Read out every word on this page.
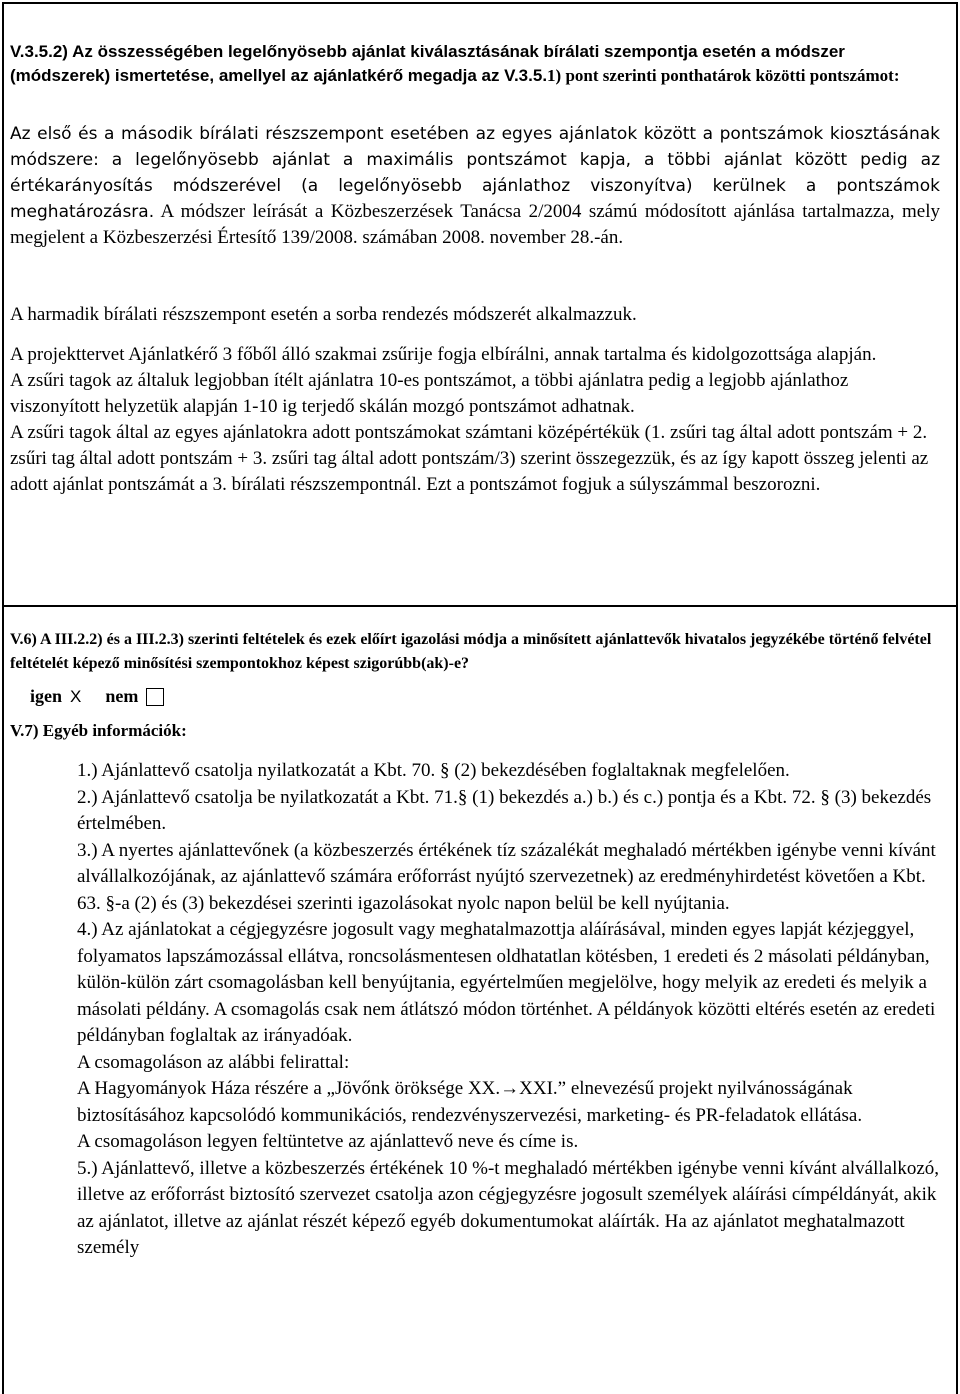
V.3.5.2) Az összességében legelőnyösebb ajánlat kiválasztásának bírálati szempontja esetén a módszer (módszerek) ismertetése, amellyel az ajánlatkérő megadja az V.3.5.1) pont szerinti ponthatárok közötti pontszámot:
Az első és a második bírálati részszempont esetében az egyes ajánlatok között a pontszámok kiosztásának módszere: a legelőnyösebb ajánlat a maximális pontszámot kapja, a többi ajánlat között pedig az értékarányosítás módszerével (a legelőnyösebb ajánlathoz viszonyítva) kerülnek a pontszámok meghatározásra. A módszer leírását a Közbeszerzések Tanácsa 2/2004 számú módosított ajánlása tartalmazza, mely megjelent a Közbeszerzési Értesítő 139/2008. számában 2008. november 28.-án.

A harmadik bírálati részszempont esetén a sorba rendezés módszerét alkalmazzuk.

A projekttervet Ajánlatkérő 3 főből álló szakmai zsűrije fogja elbírálni, annak tartalma és kidolgozottsága alapján.

A zsűri tagok az általuk legjobban ítélt ajánlatra 10-es pontszámot, a többi ajánlatra pedig a legjobb ajánlathoz viszonyított helyzetük alapján 1-10 ig terjedő skálán mozgó pontszámot adhatnak.

A zsűri tagok által az egyes ajánlatokra adott pontszámokat számtani középértékük (1. zsűri tag által adott pontszám + 2. zsűri tag által adott pontszám + 3. zsűri tag által adott pontszám/3) szerint összegezzük, és az így kapott összeg jelenti az adott ajánlat pontszámát a 3. bírálati részszempontnál. Ezt a pontszámot fogjuk a súlyszámmal beszorozni.

V.6) A III.2.2) és a III.2.3) szerinti feltételek és ezek előírt igazolási módja a minősített ajánlattevők hivatalos jegyzékébe történő felvétel feltételét képező minősítési szempontokhoz képest szigorúbb(ak)-e?
igen X nem
V.7) Egyéb információk:

1.) Ajánlattevő csatolja nyilatkozatát a Kbt. 70. § (2) bekezdésében foglaltaknak megfelelően.

2.) Ajánlattevő csatolja be nyilatkozatát a Kbt. 71.§ (1) bekezdés a.) b.) és c.) pontja és a Kbt. 72. § (3) bekezdés értelmében.

3.) A nyertes ajánlattevőnek (a közbeszerzés értékének tíz százalékát meghaladó mértékben igénybe venni kívánt alvállalkozójának, az ajánlattevő számára erőforrást nyújtó szervezetnek) az eredményhirdetést követően a Kbt. 63. §-a (2) és (3) bekezdései szerinti igazolásokat nyolc napon belül be kell nyújtania.

4.) Az ajánlatokat a cégjegyzésre jogosult vagy meghatalmazottja aláírásával, minden egyes lapját kézjeggyel, folyamatos lapszámozással ellátva, roncsolásmentesen oldhatatlan kötésben, 1 eredeti és 2 másolati példányban, külön-külön zárt csomagolásban kell benyújtania, egyértelműen megjelölve, hogy melyik az eredeti és melyik a másolati példány. A csomagolás csak nem átlátszó módon történhet. A példányok közötti eltérés esetén az eredeti példányban foglaltak az irányadóak.

A csomagoláson az alábbi felirattal:

A Hagyományok Háza részére a „Jövőnk öröksége XX.→XXI.” elnevezésű projekt nyilvánosságának biztosításához kapcsolódó kommunikációs, rendezvényszervezési, marketing- és PR-feladatok ellátása.

A csomagoláson legyen feltüntetve az ajánlattevő neve és címe is.

5.) Ajánlattevő, illetve a közbeszerzés értékének 10 %-t meghaladó mértékben igénybe venni kívánt alvállalkozó, illetve az erőforrást biztosító szervezet csatolja azon cégjegyzésre jogosult személyek aláírási címpéldányát, akik az ajánlatot, illetve az ajánlat részét képező egyéb dokumentumokat aláírták. Ha az ajánlatot meghatalmazott személy
